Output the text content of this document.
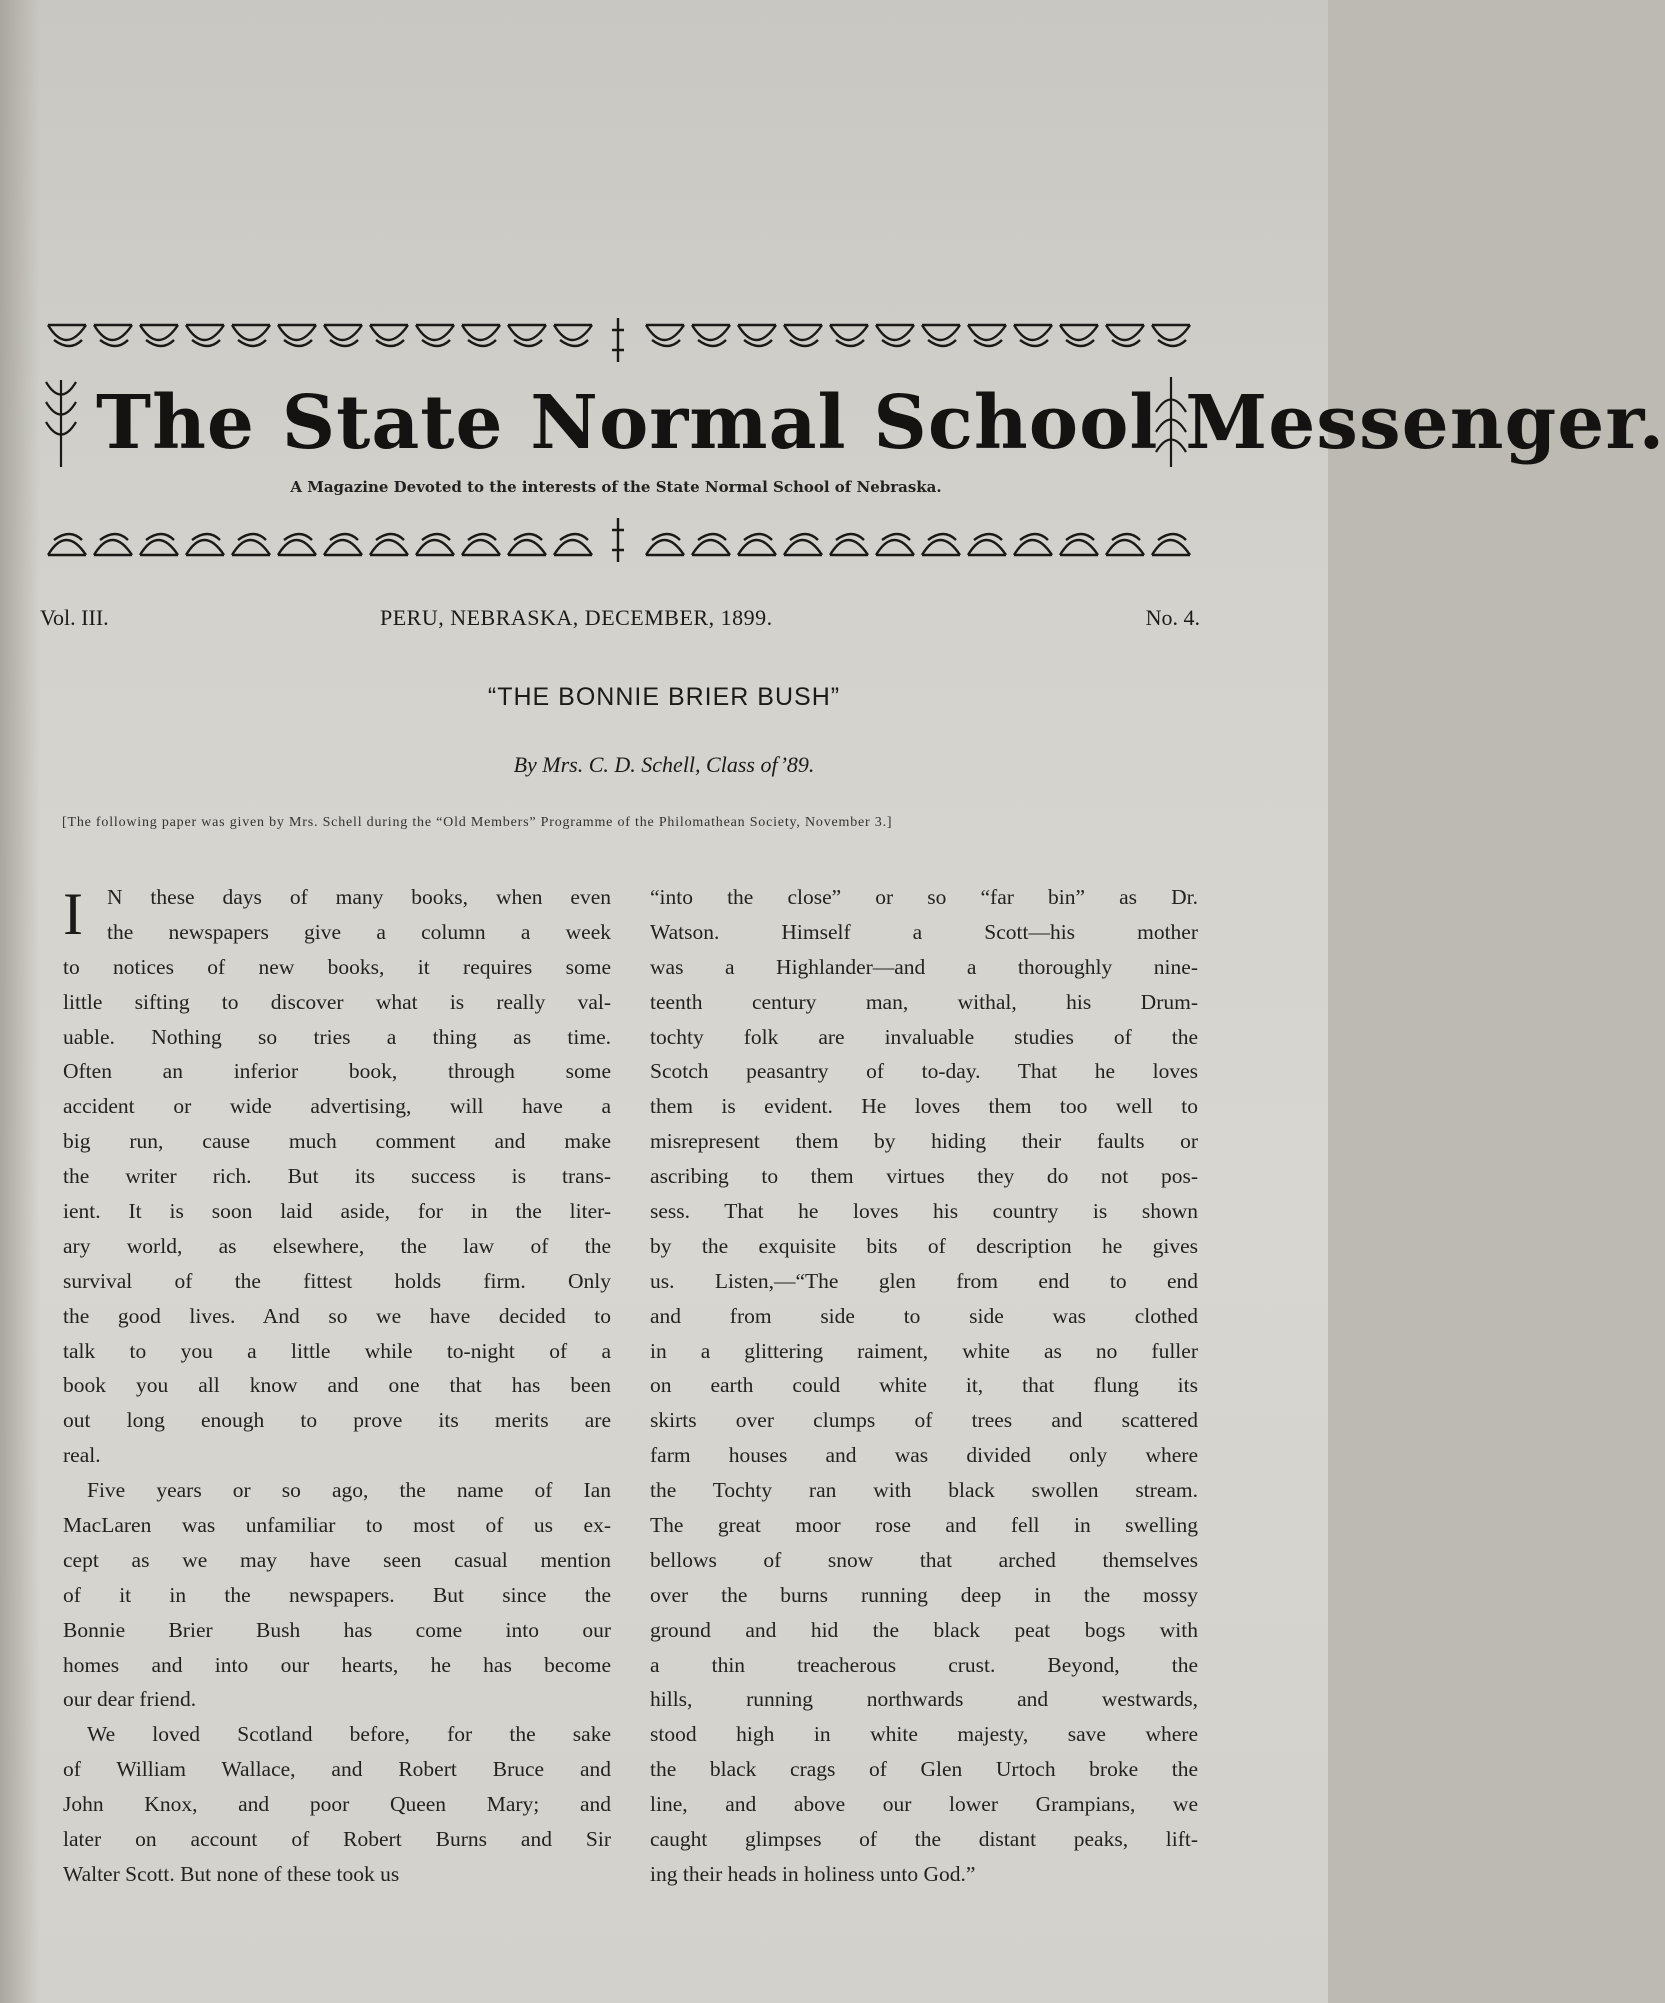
The State Normal School Messenger.
A Magazine Devoted to the interests of the State Normal School of Nebraska.
Vol. III.	PERU, NEBRASKA, DECEMBER, 1899.	No. 4.
“THE BONNIE BRIER BUSH”
By Mrs. C. D. Schell, Class of’89.
[The following paper was given by Mrs. Schell during the “Old Members” Programme of the Philomathean Society, November 3.]
I	N these days of many books, when even
the newspapers give a column a week
to notices of new books, it requires some
little sifting to discover what is really val-
uable. Nothing so tries a thing as time.
Often an inferior book, through some
accident or wide advertising, will have a
big run, cause much comment and make
the writer rich. But its success is trans-
ient. It is soon laid aside, for in the liter-
ary world, as elsewhere, the law of the
survival of the fittest holds firm. Only
the good lives. And so we have decided to
talk to you a little while to-night of a
book you all know and one that has been
out long enough to prove its merits are
real.
Five years or so ago, the name of Ian
MacLaren was unfamiliar to most of us ex-
cept as we may have seen casual mention
of it in the newspapers. But since the
Bonnie Brier Bush has come into our
homes and into our hearts, he has become
our dear friend.
We loved Scotland before, for the sake
of William Wallace, and Robert Bruce and
John Knox, and poor Queen Mary; and
later on account of Robert Burns and Sir
Walter Scott. But none of these took us
“into the close” or so “far bin” as Dr.
Watson. Himself a Scott—his mother
was a Highlander—and a thoroughly nine-
teenth century man, withal, his Drum-
tochty folk are invaluable studies of the
Scotch peasantry of to-day. That he loves
them is evident. He loves them too well to
misrepresent them by hiding their faults or
ascribing to them virtues they do not pos-
sess. That he loves his country is shown
by the exquisite bits of description he gives
us. Listen,—“The glen from end to end
and from side to side was clothed
in a glittering raiment, white as no fuller
on earth could white it, that flung its
skirts over clumps of trees and scattered
farm houses and was divided only where
the Tochty ran with black swollen stream.
The great moor rose and fell in swelling
bellows of snow that arched themselves
over the burns running deep in the mossy
ground and hid the black peat bogs with
a thin treacherous crust. Beyond, the
hills, running northwards and westwards,
stood high in white majesty, save where
the black crags of Glen Urtoch broke the
line, and above our lower Grampians, we
caught glimpses of the distant peaks, lift-
ing their heads in holiness unto God.”
